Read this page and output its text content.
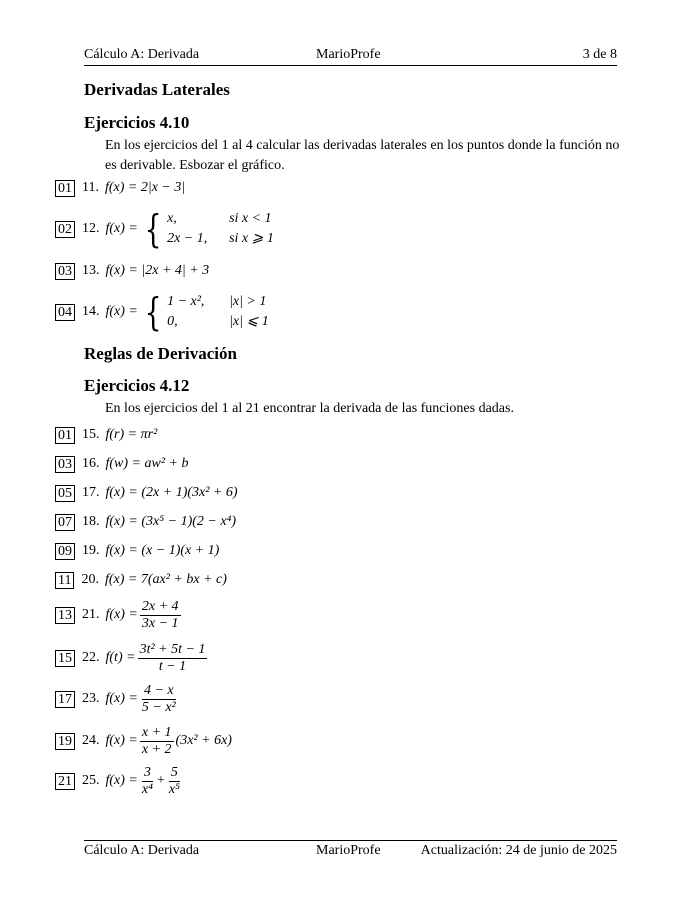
Cálculo A: Derivada	MarioProfe	3 de 8
Derivadas Laterales
Ejercicios 4.10
En los ejercicios del 1 al 4 calcular las derivadas laterales en los puntos donde la función no es derivable. Esbozar el gráfico.
01 11. f(x) = 2|x − 3|
02 12. f(x) = { x,	si x < 1
2x − 1,	si x ⩾ 1
03 13. f(x) = |2x + 4| + 3
04 14. f(x) = { 1 − x²,	|x| > 1
0,	|x| ⩽ 1
Reglas de Derivación
Ejercicios 4.12
En los ejercicios del 1 al 21 encontrar la derivada de las funciones dadas.
01 15. f(r) = πr²
03 16. f(w) = aw² + b
05 17. f(x) = (2x + 1)(3x² + 6)
07 18. f(x) = (3x⁵ − 1)(2 − x⁴)
09 19. f(x) = (x − 1)(x + 1)
11 20. f(x) = 7(ax² + bx + c)
13 21. $f(x) = \frac{2x + 4}{3x - 1}$
15 22. $f(t) = \frac{\text{3t² + 5t − 1}}{t - 1}$
17 23. $f(x) = \frac{4 - x}{\text{5 − x²}}$
19 24. $f(x) = \frac{x + 1}{x + 2} (3x^2 + 6x)$
21 25. $f(x) = \frac{3}{\text{x⁴}} + \frac{5}{\text{x⁵}}$
Cálculo A: Derivada	MarioProfe	Actualización: 24 de junio de 2025
